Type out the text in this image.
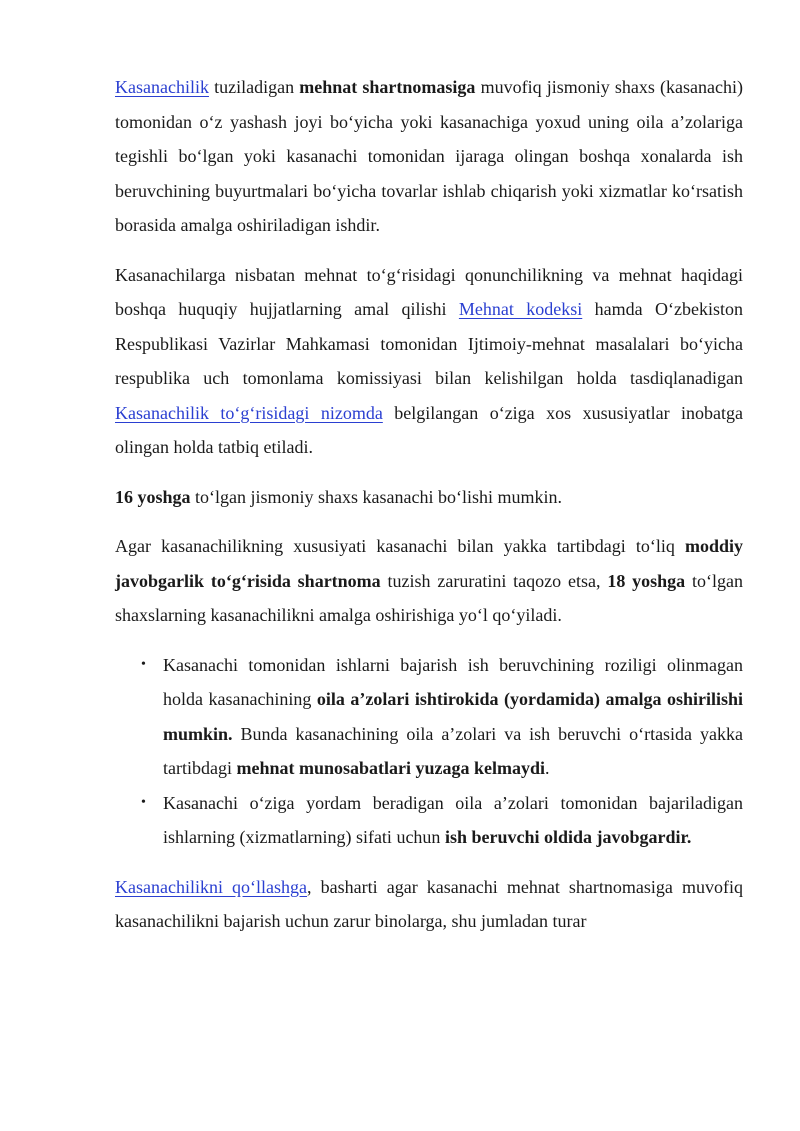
Kasanachilik tuziladigan mehnat shartnomasiga muvofiq jismoniy shaxs (kasanachi) tomonidan o‘z yashash joyi bo‘yicha yoki kasanachiga yoxud uning oila a’zolariga tegishli bo‘lgan yoki kasanachi tomonidan ijaraga olingan boshqa xonalarda ish beruvchining buyurtmalari bo‘yicha tovarlar ishlab chiqarish yoki xizmatlar ko‘rsatish borasida amalga oshiriladigan ishdir.

Kasanachilarga nisbatan mehnat to‘g‘risidagi qonunchilikning va mehnat haqidagi boshqa huquqiy hujjatlarning amal qilishi Mehnat kodeksi hamda O‘zbekiston Respublikasi Vazirlar Mahkamasi tomonidan Ijtimoiy-mehnat masalalari bo‘yicha respublika uch tomonlama komissiyasi bilan kelishilgan holda tasdiqlanadigan Kasanachilik to‘g‘risidagi nizomda belgilangan o‘ziga xos xususiyatlar inobatga olingan holda tatbiq etiladi.

16 yoshga to‘lgan jismoniy shaxs kasanachi bo‘lishi mumkin.

Agar kasanachilikning xususiyati kasanachi bilan yakka tartibdagi to‘liq moddiy javobgarlik to‘g‘risida shartnoma tuzish zaruratini taqozo etsa, 18 yoshga to‘lgan shaxslarning kasanachilikni amalga oshirishiga yo‘l qo‘yiladi.

• Kasanachi tomonidan ishlarni bajarish ish beruvchining roziligi olinmagan holda kasanachining oila a’zolari ishtirokida (yordamida) amalga oshirilishi mumkin. Bunda kasanachining oila a’zolari va ish beruvchi o‘rtasida yakka tartibdagi mehnat munosabatlari yuzaga kelmaydi.
• Kasanachi o‘ziga yordam beradigan oila a’zolari tomonidan bajariladigan ishlarning (xizmatlarning) sifati uchun ish beruvchi oldida javobgardir.

Kasanachilikni qo‘llashga, basharti agar kasanachi mehnat shartnomasiga muvofiq kasanachilikni bajarish uchun zarur binolarga, shu jumladan turar
